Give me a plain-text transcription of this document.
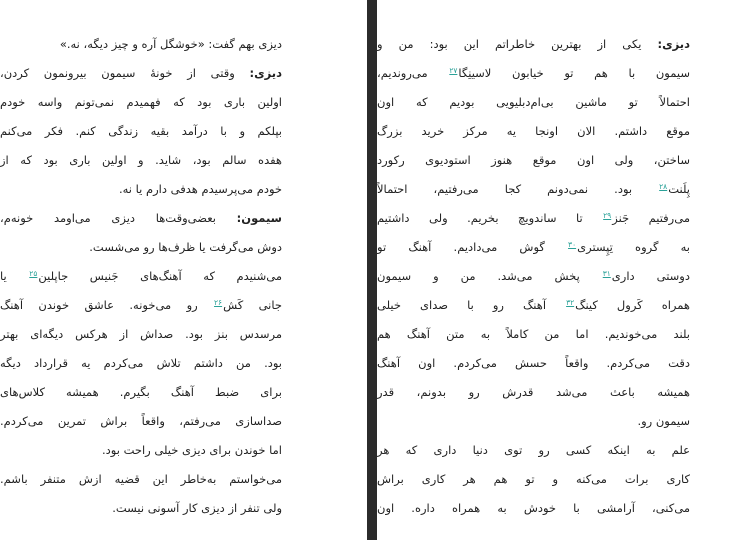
دیزی بهم گفت: «خوشگل آره و چیز دیگه، نه.»
دیزی: وقتی از خونهٔ سیمون بیرونمون کردن،
اولین باری بود که فهمیدم نمی‌تونم واسه خودم
بپلکم و با درآمد بقیه زندگی کنم. فکر می‌کنم
هفده سالم بود، شاید. و اولین باری بود که از
خودم می‌پرسیدم هدفی دارم یا نه.
سیمون: بعضی‌وقت‌ها دیزی می‌اومد خونه‌م،
دوش می‌گرفت یا ظرف‌ها رو می‌شست.
می‌شنیدم که آهنگ‌های جَنیس جاپلین$^{۲۵}$ یا
جانی کَش$^{۲۶}$ رو می‌خونه. عاشق خوندن آهنگ
مرسدس بنز بود. صداش از هرکس دیگه‌ای بهتر
بود. من داشتم تلاش می‌کردم یه قرارداد دیگه
برای ضبط آهنگ بگیرم. همیشه کلاس‌های
صداسازی می‌رفتم، واقعاً براش تمرین می‌کردم.
اما خوندن برای دیزی خیلی راحت بود.
می‌خواستم به‌خاطر این قضیه ازش متنفر باشم.
ولی تنفر از دیزی کار آسونی نیست.
دیزی: یکی از بهترین خاطراتم این بود: من و
سیمون با هم تو خیابون لاسینِگا$^{۲۷}$ می‌روندیم،
احتمالاً تو ماشین بی‌ام‌دبلیویی بودیم که اون
موقع داشتم. الان اونجا یه مرکز خرید بزرگ
ساختن، ولی اون موقع هنوز استودیوی رکورد
پِلَنت$^{۲۸}$ بود. نمی‌دونم کجا می‌رفتیم، احتمالاً
می‌رفتیم جَنز$^{۲۹}$ تا ساندویچ بخریم. ولی داشتیم
به گروه تِپِستری$^{۳۰}$ گوش می‌دادیم. آهنگ تو
دوستی داری$^{۳۱}$ پخش می‌شد. من و سیمون
همراه کَرول کینگ$^{۳۲}$ آهنگ رو با صدای خیلی
بلند می‌خوندیم. اما من کاملاً به متن آهنگ هم
دقت می‌کردم. واقعاً حسش می‌کردم. اون آهنگ
همیشه باعث می‌شد قدرش رو بدونم، قدر
سیمون رو.
علم به اینکه کسی رو توی دنیا داری که هر
کاری برات می‌کنه و تو هم هر کاری براش
می‌کنی، آرامشی با خودش به همراه داره. اون
